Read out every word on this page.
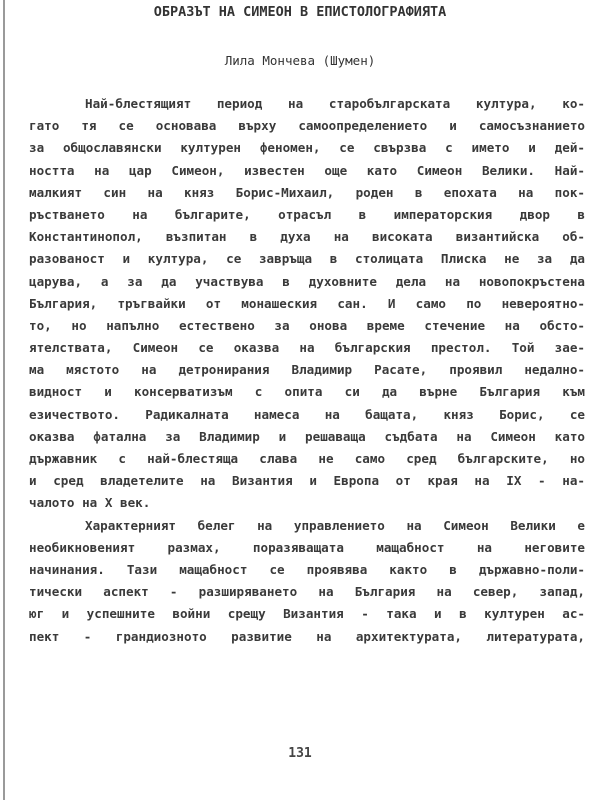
ОБРАЗЪТ НА СИМЕОН В ЕПИСТОЛОГРАФИЯТА
Лила Мончева (Шумен)
Най-блестящият период на старобългарската култура, ко-
гато тя се основава върху самоопределението и самосъзнанието
за общославянски културен феномен, се свързва с името и дей-
ността на цар Симеон, известен още като Симеон Велики. Най-
малкият син на княз Борис-Михаил, роден в епохата на пок-
ръстването на българите, отрасъл в императорския двор в
Константинопол, възпитан в духа на високата византийска об-
разованост и култура, се завръща в столицата Плиска не за да
царува, а за да участвува в духовните дела на новопокръстена
България, тръгвайки от монашеския сан. И само по невероятно-
то, но напълно естествено за онова време стечение на обсто-
ятелствата, Симеон се оказва на българския престол. Той зае-
ма мястото на детронирания Владимир Расате, проявил недално-
видност и консерватизъм с опита си да върне България към
езичеството. Радикалната намеса на бащата, княз Борис, се
оказва фатална за Владимир и решаваща съдбата на Симеон като
държавник с най-блестяща слава не само сред българските, но
и сред владетелите на Византия и Европа от края на IX - на-
чалото на X век.
Характерният белег на управлението на Симеон Велики е
необикновеният размах, поразяващата мащабност на неговите
начинания. Тази мащабност се проявява както в държавно-поли-
тически аспект - разширяването на България на север, запад,
юг и успешните войни срещу Византия - така и в културен ас-
пект - грандиозното развитие на архитектурата, литературата,
131
